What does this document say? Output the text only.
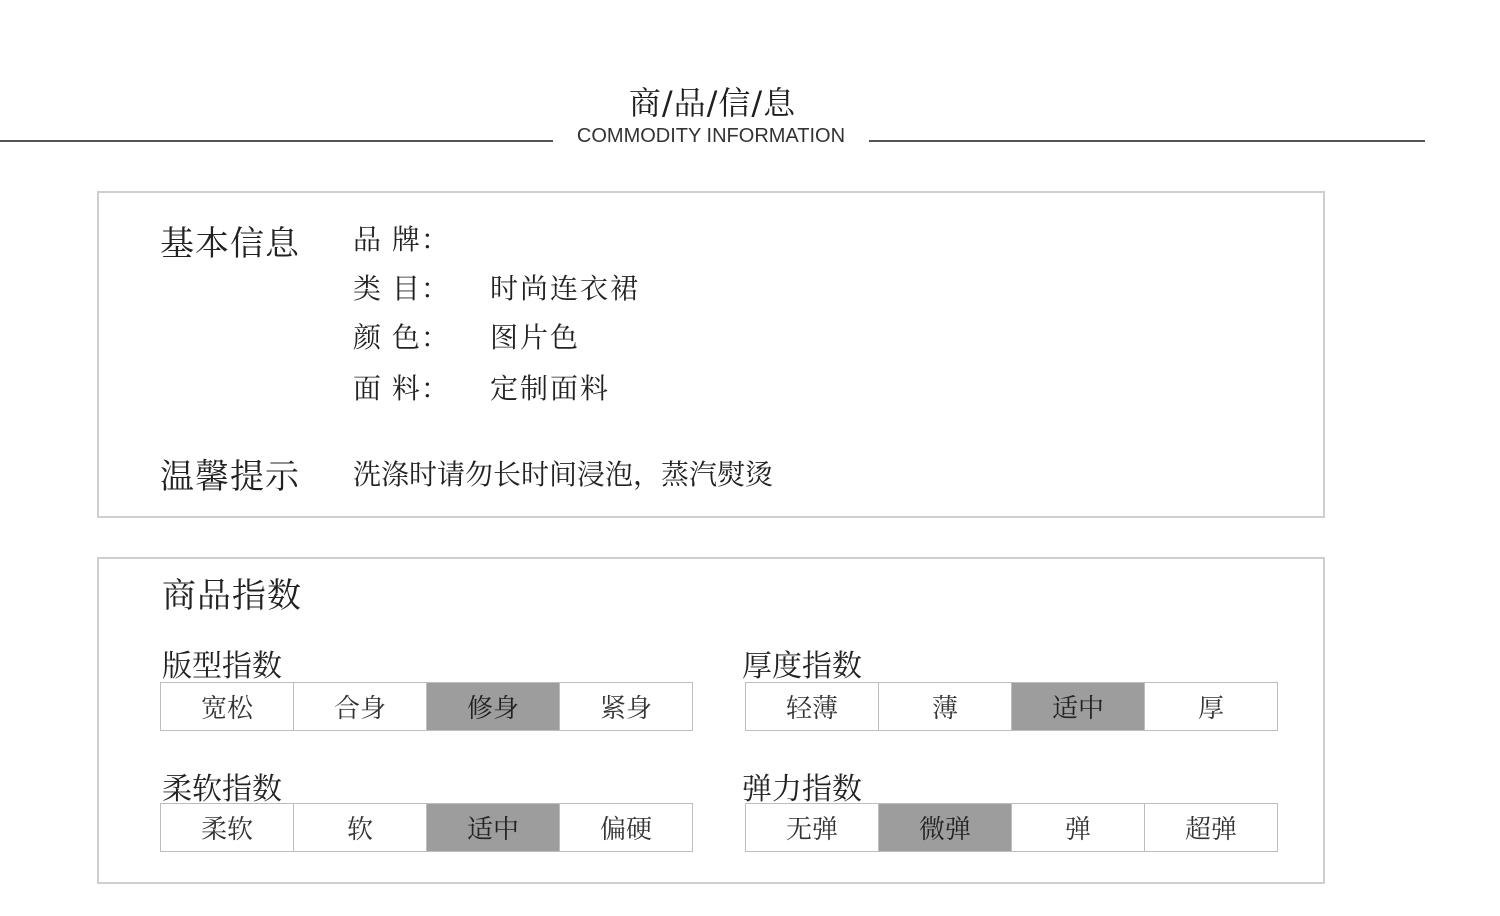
商/品/信/息
COMMODITY INFORMATION
基本信息 品 牌：
类 目：	时尚连衣裙
颜 色：	图片色
面 料：	定制面料
温馨提示 洗涤时请勿长时间浸泡，蒸汽熨烫
商品指数
版型指数
宽松	合身	修身	紧身
厚度指数
轻薄	薄	适中	厚
柔软指数
柔软	软	适中	偏硬
弹力指数
无弹	微弹	弹	超弹
